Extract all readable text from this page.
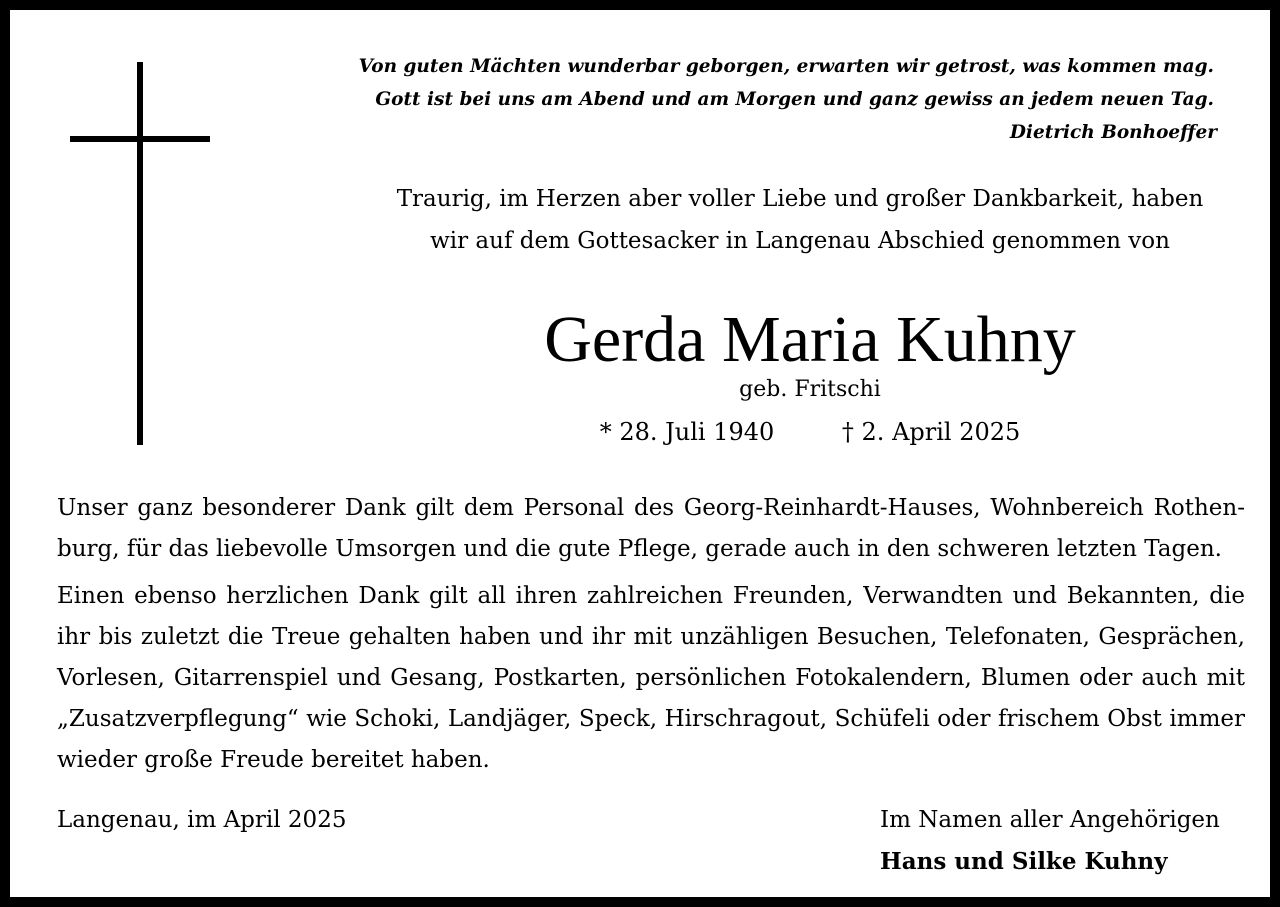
Von guten Mächten wunderbar geborgen, erwarten wir getrost, was kommen mag.
Gott ist bei uns am Abend und am Morgen und ganz gewiss an jedem neuen Tag.
Dietrich Bonhoeffer
Traurig, im Herzen aber voller Liebe und großer Dankbarkeit, haben
wir auf dem Gottesacker in Langenau Abschied genommen von
Gerda Maria Kuhny
geb. Fritschi
* 28. Juli 1940	† 2. April 2025

Unser ganz besonderer Dank gilt dem Personal des Georg-Reinhardt-Hauses, Wohnbereich Rothenburg, für das liebevolle Umsorgen und die gute Pflege, gerade auch in den schweren letzten Tagen.

Einen ebenso herzlichen Dank gilt all ihren zahlreichen Freunden, Verwandten und Bekannten, die ihr bis zuletzt die Treue gehalten haben und ihr mit unzähligen Besuchen, Telefonaten, Gesprächen, Vorlesen, Gitarrenspiel und Gesang, Postkarten, persönlichen Fotokalendern, Blumen oder auch mit „Zusatzverpflegung“ wie Schoki, Landjäger, Speck, Hirschragout, Schüfeli oder frischem Obst immer wieder große Freude bereitet haben.

Langenau, im April 2025	Im Namen aller Angehörigen
Hans und Silke Kuhny
